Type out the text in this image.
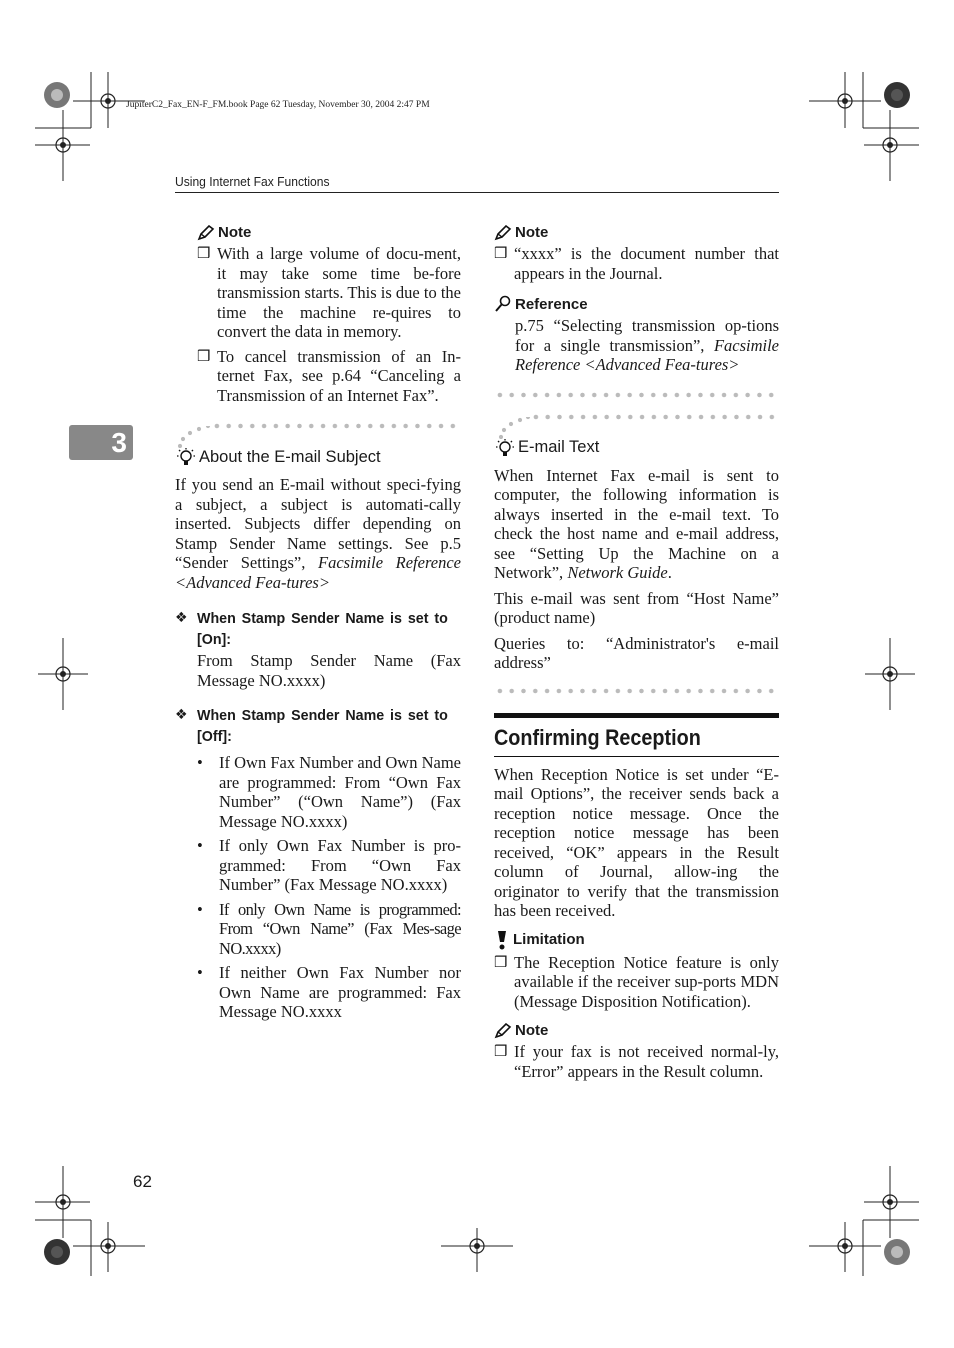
JupiterC2_Fax_EN-F_FM.book Page 62 Tuesday, November 30, 2004 2:47 PM
Using Internet Fax Functions
3
Note
❒ With a large volume of docu-ment, it may take some time be-fore transmission starts. This is due to the time the machine re-quires to convert the data in memory.

❒ To cancel transmission of an In-ternet Fax, see p.64 “Canceling a Transmission of an Internet Fax”.

About the E-mail Subject

If you send an E-mail without speci-fying a subject, a subject is automati-cally inserted. Subjects differ depending on Stamp Sender Name settings. See p.5 “Sender Settings”, Facsimile Reference <Advanced Fea-tures>

❖ When Stamp Sender Name is set to [On]:

From Stamp Sender Name (Fax Message NO.xxxx)

❖ When Stamp Sender Name is set to [Off]:
• If Own Fax Number and Own Name are programmed: From “Own Fax Number” (“Own Name”) (Fax Message NO.xxxx)

• If only Own Fax Number is pro-grammed: From “Own Fax Number” (Fax Message NO.xxxx)

• If only Own Name is programmed: From “Own Name” (Fax Mes-sage NO.xxxx)

• If neither Own Fax Number nor Own Name are programmed: Fax Message NO.xxxx

Note
❒ “xxxx” is the document number that appears in the Journal.

Reference

p.75 “Selecting transmission op-tions for a single transmission”, Facsimile Reference <Advanced Fea-tures>

E-mail Text

When Internet Fax e-mail is sent to computer, the following information is always inserted in the e-mail text. To check the host name and e-mail address, see “Setting Up the Machine on a Network”, Network Guide.

This e-mail was sent from “Host Name” (product name)

Queries to: “Administrator's e-mail address”

Confirming Reception

When Reception Notice is set under “E-mail Options”, the receiver sends back a reception notice message. Once the reception notice message has been received, “OK” appears in the Result column of Journal, allow-ing the originator to verify that the transmission has been received.

Limitation
❒ The Reception Notice feature is only available if the receiver sup-ports MDN (Message Disposition Notification).

Note
❒ If your fax is not received normal-ly, “Error” appears in the Result column.

62
